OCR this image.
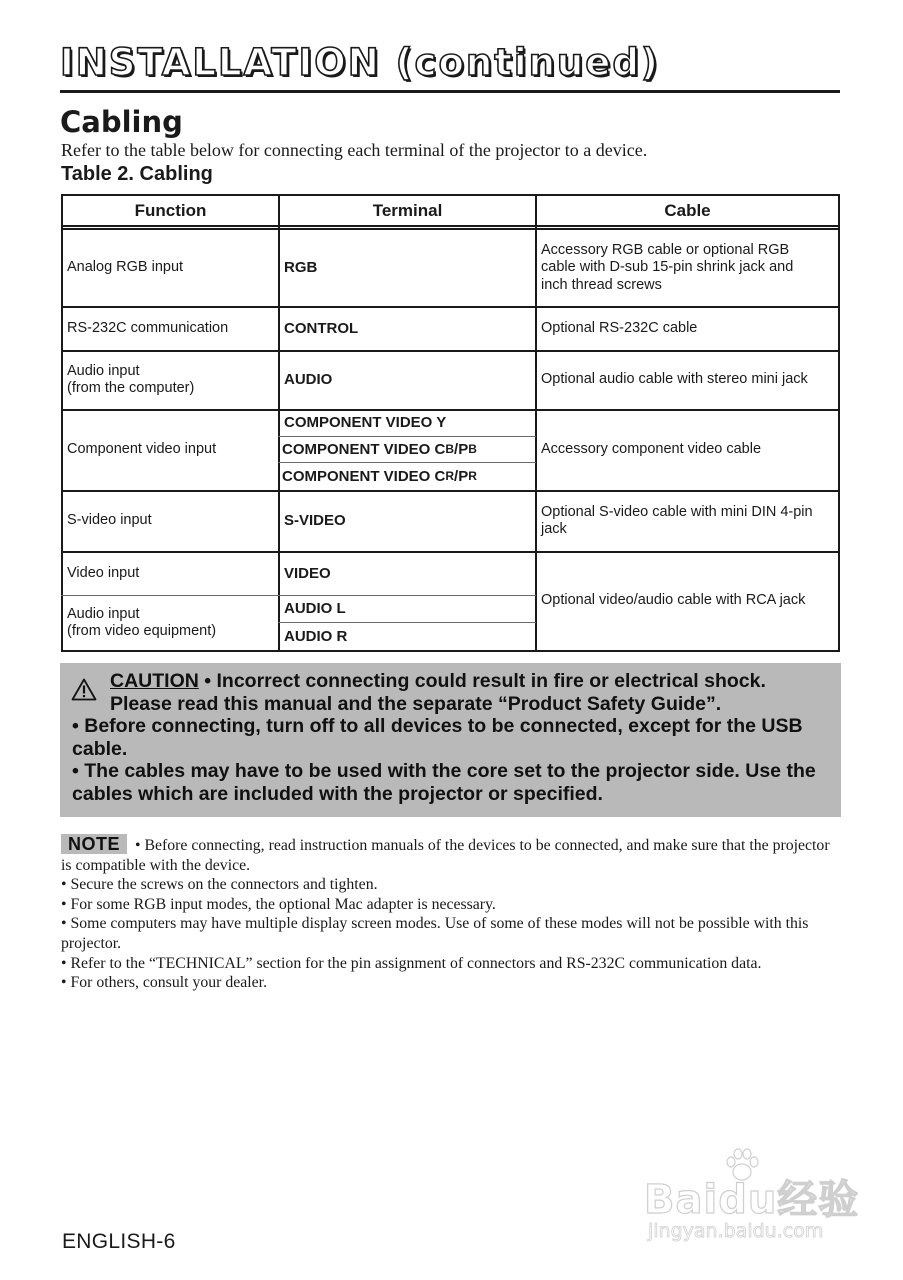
INSTALLATION (continued)
Cabling
Refer to the table below for connecting each terminal of the projector to a device.
Table 2. Cabling
Function	Terminal	Cable
Analog RGB input
RS-232C communication
Audio input
(from the computer)
Component video input
S-video input
Video input
Audio input
(from video equipment)
RGB
CONTROL
AUDIO
COMPONENT VIDEO Y
COMPONENT VIDEO C B /P B
COMPONENT VIDEO C R /P R
S-VIDEO
VIDEO
AUDIO L
AUDIO R
Accessory RGB cable or optional RGB
cable with D-sub 15-pin shrink jack and
inch thread screws
Optional RS-232C cable
Optional audio cable with stereo mini jack
Accessory component video cable
Optional S-video cable with mini DIN 4-pin
jack
Optional video/audio cable with RCA jack
CAUTION • Incorrect connecting could result in fire or electrical shock.
Please read this manual and the separate “Product Safety Guide”.
• Before connecting, turn off to all devices to be connected, except for the USB cable.
• The cables may have to be used with the core set to the projector side. Use the cables which are included with the projector or specified.
NOTE • Before connecting, read instruction manuals of the devices to be connected, and make sure that the projector is compatible with the device.
• Secure the screws on the connectors and tighten.
• For some RGB input modes, the optional Mac adapter is necessary.
• Some computers may have multiple display screen modes. Use of some of these modes will not be possible with this projector.
• Refer to the “TECHNICAL” section for the pin assignment of connectors and RS-232C communication data.
• For others, consult your dealer.
Baidu经验
jingyan.baidu.com
ENGLISH-6
